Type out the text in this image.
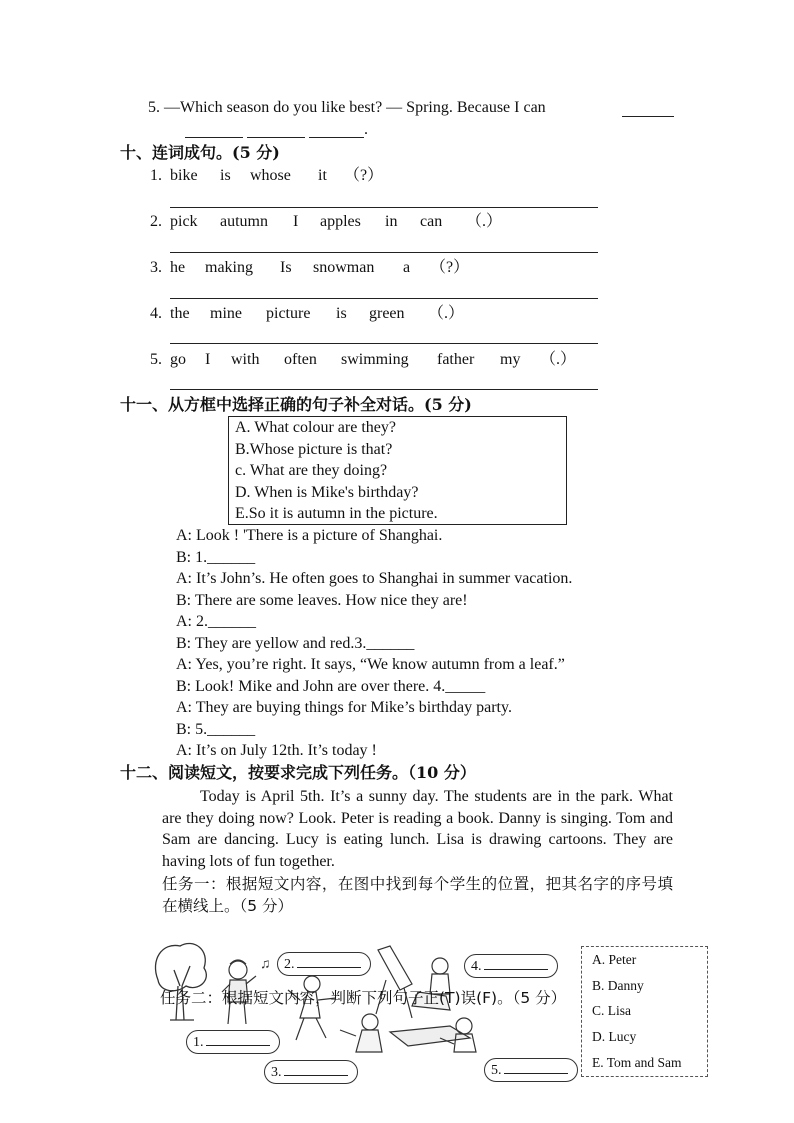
5. —Which season do you like best? — Spring. Because I can
.
十、连词成句。(5 分)
1. bike is whose it （?）
2. pick autumn I apples in can （.）
3. he making Is snowman a （?）
4. the mine picture is green （.）
5. go I with often swimming father my （.）
十一、从方框中选择正确的句子补全对话。(5 分)
A. What colour are they?
B.Whose picture is that?
c. What are they doing?
D. When is Mike's birthday?
E.So it is autumn in the picture.
A: Look ! 'There is a picture of Shanghai.
B: 1.______
A: It’s John’s. He often goes to Shanghai in summer vacation.
B: There are some leaves. How nice they are!
A: 2.______
B: They are yellow and red.3.______
A: Yes, you’re right. It says, “We know autumn from a leaf.”
B: Look! Mike and John are over there. 4._____
A: They are buying things for Mike’s birthday party.
B: 5.______
A: It’s on July 12th. It’s today !
十二、阅读短文，按要求完成下列任务。（10 分）
Today is April 5th. It’s a sunny day. The students are in the park. What are they doing now? Look. Peter is reading a book. Danny is singing. Tom and Sam are dancing. Lucy is eating lunch. Lisa is drawing cartoons. They are having lots of fun together.
任务一：根据短文内容，在图中找到每个学生的位置，把其名字的序号填在横线上。（5 分）
♫ 2.	4.
1.
3.	5.
任务二：根据短文内容，判断下列句子正(T)误(F)。（5 分）
A. Peter
B. Danny
C. Lisa
D. Lucy
E. Tom and Sam
